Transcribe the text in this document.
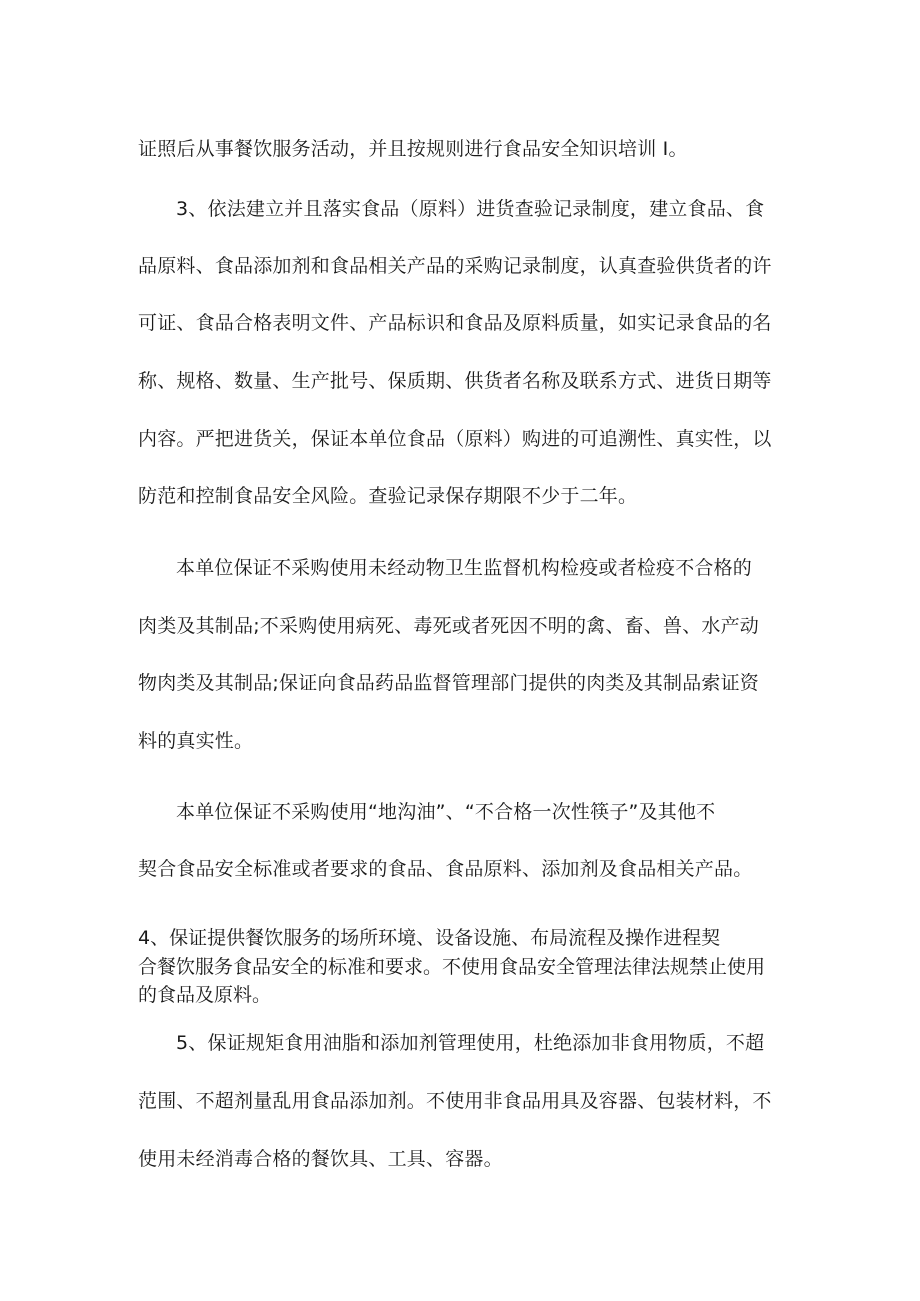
证照后从事餐饮服务活动，并且按规则进行食品安全知识培训 I。
3、依法建立并且落实食品（原料）进货查验记录制度，建立食品、食
品原料、食品添加剂和食品相关产品的采购记录制度，认真查验供货者的许
可证、食品合格表明文件、产品标识和食品及原料质量，如实记录食品的名
称、规格、数量、生产批号、保质期、供货者名称及联系方式、进货日期等
内容。严把进货关，保证本单位食品（原料）购进的可追溯性、真实性，以
防范和控制食品安全风险。查验记录保存期限不少于二年。
本单位保证不采购使用未经动物卫生监督机构检疫或者检疫不合格的
肉类及其制品;不采购使用病死、毒死或者死因不明的禽、畜、兽、水产动
物肉类及其制品;保证向食品药品监督管理部门提供的肉类及其制品索证资
料的真实性。
本单位保证不采购使用“地沟油”、“不合格一次性筷子”及其他不
契合食品安全标准或者要求的食品、食品原料、添加剂及食品相关产品。
4、保证提供餐饮服务的场所环境、设备设施、布局流程及操作进程契
合餐饮服务食品安全的标准和要求。不使用食品安全管理法律法规禁止使用
的食品及原料。
5、保证规矩食用油脂和添加剂管理使用，杜绝添加非食用物质，不超
范围、不超剂量乱用食品添加剂。不使用非食品用具及容器、包装材料，不
使用未经消毒合格的餐饮具、工具、容器。
